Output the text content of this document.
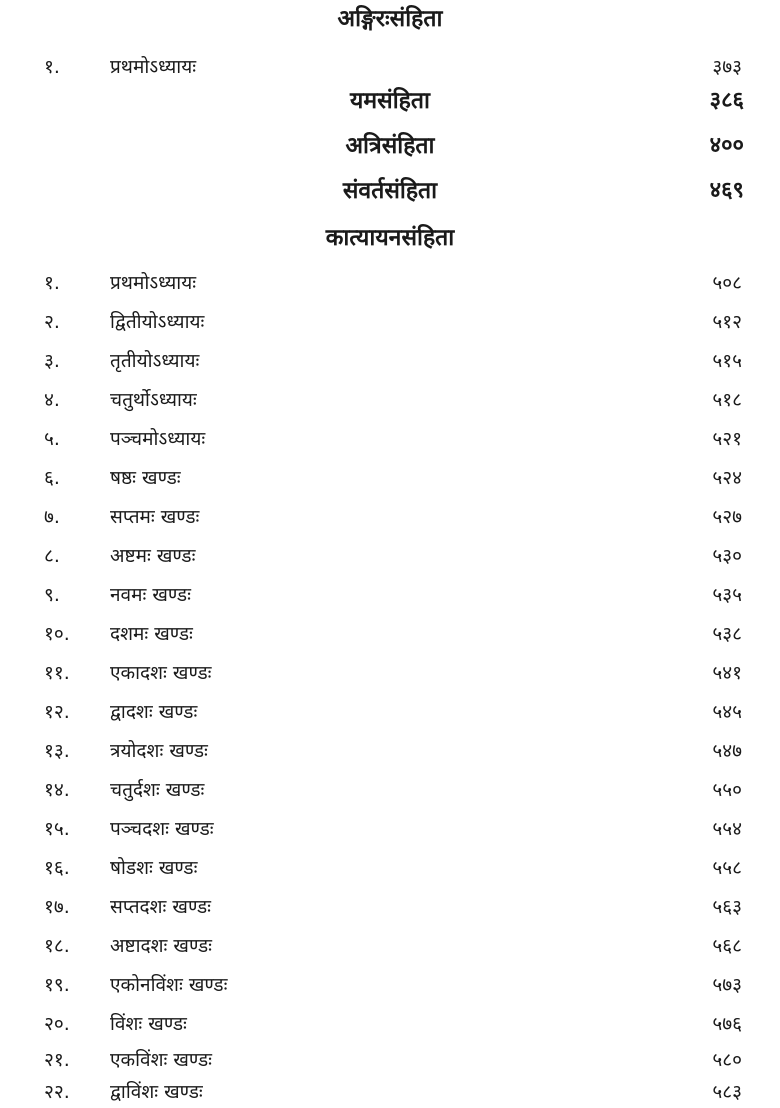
अङ्गिरःसंहिता
१.	प्रथमोऽध्यायः	३७३
यमसंहिता	३८६
अत्रिसंहिता	४००
संवर्तसंहिता	४६९
कात्यायनसंहिता
१.	प्रथमोऽध्यायः	५०८
२.	द्वितीयोऽध्यायः	५१२
३.	तृतीयोऽध्यायः	५१५
४.	चतुर्थोऽध्यायः	५१८
५.	पञ्चमोऽध्यायः	५२१
६.	षष्ठः खण्डः	५२४
७.	सप्तमः खण्डः	५२७
८.	अष्टमः खण्डः	५३०
९.	नवमः खण्डः	५३५
१०. दशमः खण्डः	५३८
११. एकादशः खण्डः	५४१
१२. द्वादशः खण्डः	५४५
१३. त्रयोदशः खण्डः	५४७
१४. चतुर्दशः खण्डः	५५०
१५. पञ्चदशः खण्डः	५५४
१६. षोडशः खण्डः	५५८
१७. सप्तदशः खण्डः	५६३
१८. अष्टादशः खण्डः	५६८
१९. एकोनविंशः खण्डः	५७३
२०. विंशः खण्डः	५७६
२१. एकविंशः खण्डः	५८०
२२. द्वाविंशः खण्डः	५८३
